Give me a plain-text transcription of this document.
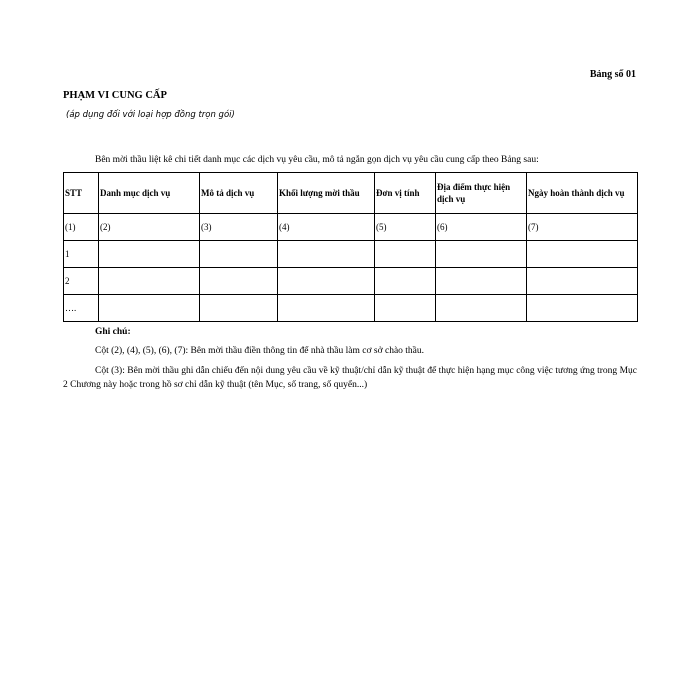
Bảng số 01
PHẠM VI CUNG CẤP
(áp dụng đối với loại hợp đồng trọn gói)
Bên mời thầu liệt kê chi tiết danh mục các dịch vụ yêu cầu, mô tả ngắn gọn dịch vụ yêu cầu cung cấp theo Bảng sau:
STT	Danh mục dịch vụ	Mô tả dịch vụ	Khối lượng mời thầu	Đơn vị tính	Địa điểm thực hiện dịch vụ	Ngày hoàn thành dịch vụ
(1)	(2)	(3)	(4)	(5)	(6)	(7)
1						
2						
….						
Ghi chú:
Cột (2), (4), (5), (6), (7): Bên mời thầu điền thông tin để nhà thầu làm cơ sở chào thầu.
Cột (3): Bên mời thầu ghi dẫn chiếu đến nội dung yêu cầu về kỹ thuật/chỉ dẫn kỹ thuật để thực hiện hạng mục công việc tương ứng trong Mục 2 Chương này hoặc trong hồ sơ chỉ dẫn kỹ thuật (tên Mục, số trang, số quyển...)
